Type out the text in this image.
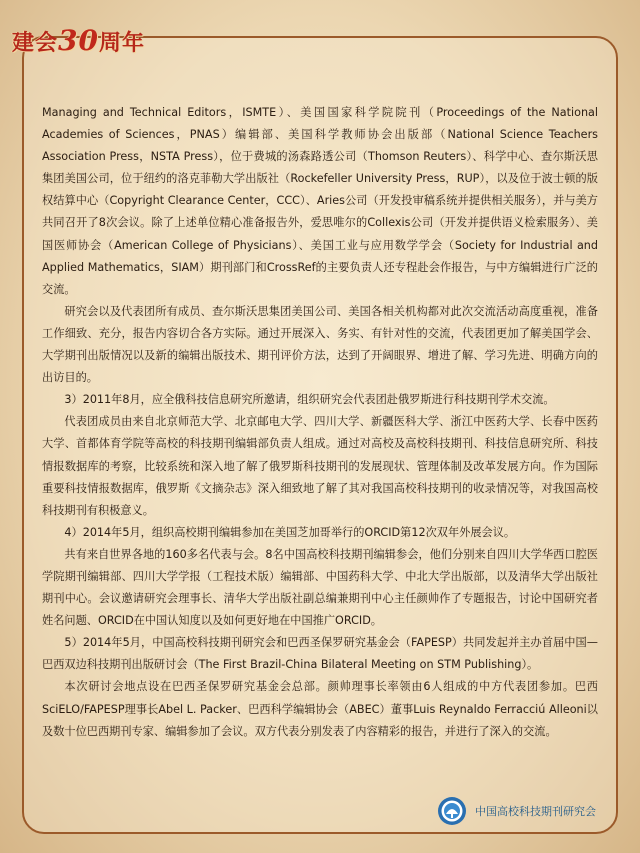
建会30周年

Managing and Technical Editors，ISMTE）、美国国家科学院院刊（Proceedings of the National Academies of Sciences，PNAS）编辑部、美国科学教师协会出版部（National Science Teachers Association Press，NSTA Press），位于费城的汤森路透公司（Thomson Reuters）、科学中心、查尔斯沃思集团美国公司，位于纽约的洛克菲勒大学出版社（Rockefeller University Press，RUP），以及位于波士顿的版权结算中心（Copyright Clearance Center，CCC）、Aries公司（开发投审稿系统并提供相关服务），并与美方共同召开了8次会议。除了上述单位精心准备报告外，爱思唯尔的Collexis公司（开发并提供语义检索服务）、美国医师协会（American College of Physicians）、美国工业与应用数学学会（Society for Industrial and Applied Mathematics，SIAM）期刊部门和CrossRef的主要负责人还专程赴会作报告，与中方编辑进行广泛的交流。

研究会以及代表团所有成员、查尔斯沃思集团美国公司、美国各相关机构都对此次交流活动高度重视，准备工作细致、充分，报告内容切合各方实际。通过开展深入、务实、有针对性的交流，代表团更加了解美国学会、大学期刊出版情况以及新的编辑出版技术、期刊评价方法，达到了开阔眼界、增进了解、学习先进、明确方向的出访目的。

3）2011年8月，应全俄科技信息研究所邀请，组织研究会代表团赴俄罗斯进行科技期刊学术交流。

代表团成员由来自北京师范大学、北京邮电大学、四川大学、新疆医科大学、浙江中医药大学、长春中医药大学、首都体育学院等高校的科技期刊编辑部负责人组成。通过对高校及高校科技期刊、科技信息研究所、科技情报数据库的考察，比较系统和深入地了解了俄罗斯科技期刊的发展现状、管理体制及改革发展方向。作为国际重要科技情报数据库，俄罗斯《文摘杂志》深入细致地了解了其对我国高校科技期刊的收录情况等，对我国高校科技期刊有积极意义。

4）2014年5月，组织高校期刊编辑参加在美国芝加哥举行的ORCID第12次双年外展会议。

共有来自世界各地的160多名代表与会。8名中国高校科技期刊编辑参会，他们分别来自四川大学华西口腔医学院期刊编辑部、四川大学学报（工程技术版）编辑部、中国药科大学、中北大学出版部，以及清华大学出版社期刊中心。会议邀请研究会理事长、清华大学出版社副总编兼期刊中心主任颜帅作了专题报告，讨论中国研究者姓名问题、ORCID在中国认知度以及如何更好地在中国推广ORCID。

5）2014年5月，中国高校科技期刊研究会和巴西圣保罗研究基金会（FAPESP）共同发起并主办首届中国—巴西双边科技期刊出版研讨会（The First Brazil-China Bilateral Meeting on STM Publishing）。

本次研讨会地点设在巴西圣保罗研究基金会总部。颜帅理事长率领由6人组成的中方代表团参加。巴西SciELO/FAPESP理事长Abel L. Packer、巴西科学编辑协会（ABEC）董事Luis Reynaldo Ferracciú Alleoni以及数十位巴西期刊专家、编辑参加了会议。双方代表分别发表了内容精彩的报告，并进行了深入的交流。

中国高校科技期刊研究会
